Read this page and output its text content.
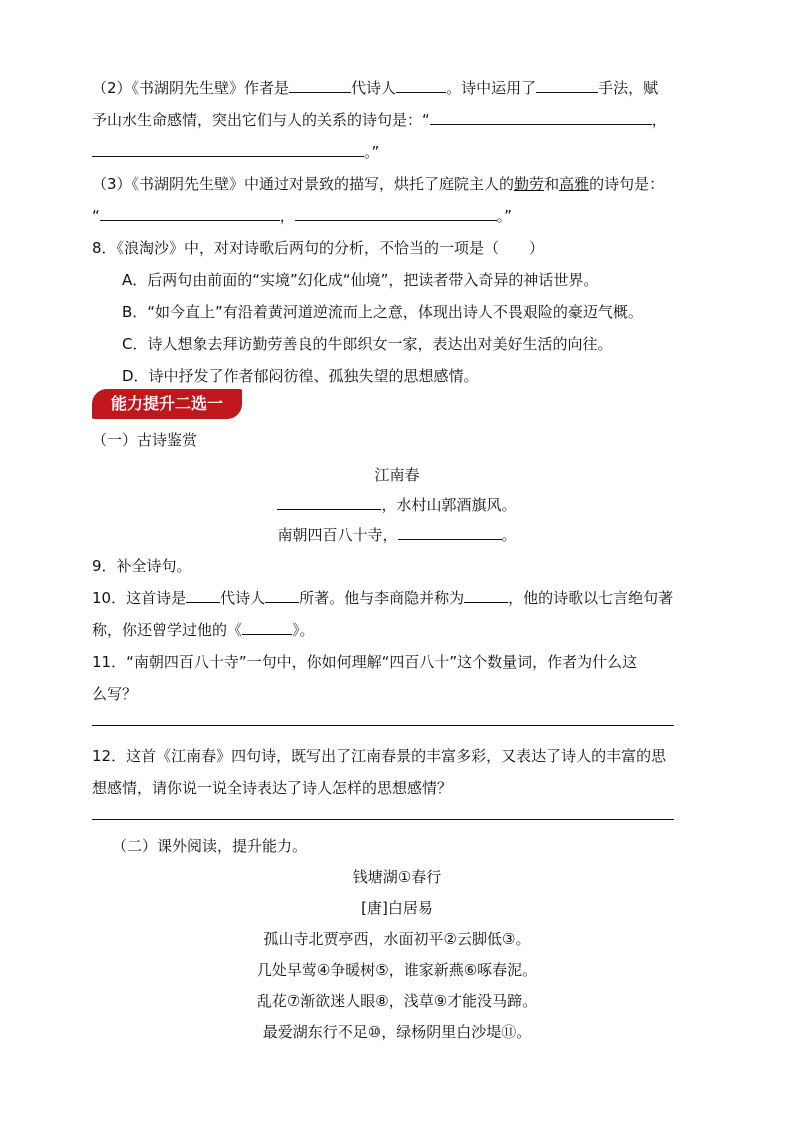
（2）《书湖阴先生壁》作者是	代诗人	。诗中运用了	手法，赋
予山水生命感情，突出它们与人的关系的诗句是：“	，
。”
（3）《书湖阴先生壁》中通过对景致的描写，烘托了庭院主人的勤劳和高雅的诗句是：
“	，	。”
8．《浪淘沙》中，对对诗歌后两句的分析，不恰当的一项是（　　）
A．后两句由前面的“实境”幻化成“仙境”，把读者带入奇异的神话世界。
B．“如今直上”有沿着黄河道逆流而上之意，体现出诗人不畏艰险的豪迈气概。
C．诗人想象去拜访勤劳善良的牛郎织女一家，表达出对美好生活的向往。
D．诗中抒发了作者郁闷彷徨、孤独失望的思想感情。
能力提升二选一
（一）古诗鉴赏
江南春
，水村山郭酒旗风。
南朝四百八十寺，	。
9．补全诗句。
10．这首诗是 代诗人 所著。他与李商隐并称为	，他的诗歌以七言绝句著
称，你还曾学过他的《	》。
11．“南朝四百八十寺”一句中，你如何理解“四百八十”这个数量词，作者为什么这
么写？
12．这首《江南春》四句诗，既写出了江南春景的丰富多彩，又表达了诗人的丰富的思
想感情，请你说一说全诗表达了诗人怎样的思想感情？
（二）课外阅读，提升能力。
钱塘湖①春行
[唐]白居易
孤山寺北贾亭西，水面初平②云脚低③。
几处早莺④争暖树⑤，谁家新燕⑥啄春泥。
乱花⑦渐欲迷人眼⑧，浅草⑨才能没马蹄。
最爱湖东行不足⑩，绿杨阴里白沙堤⑪。
